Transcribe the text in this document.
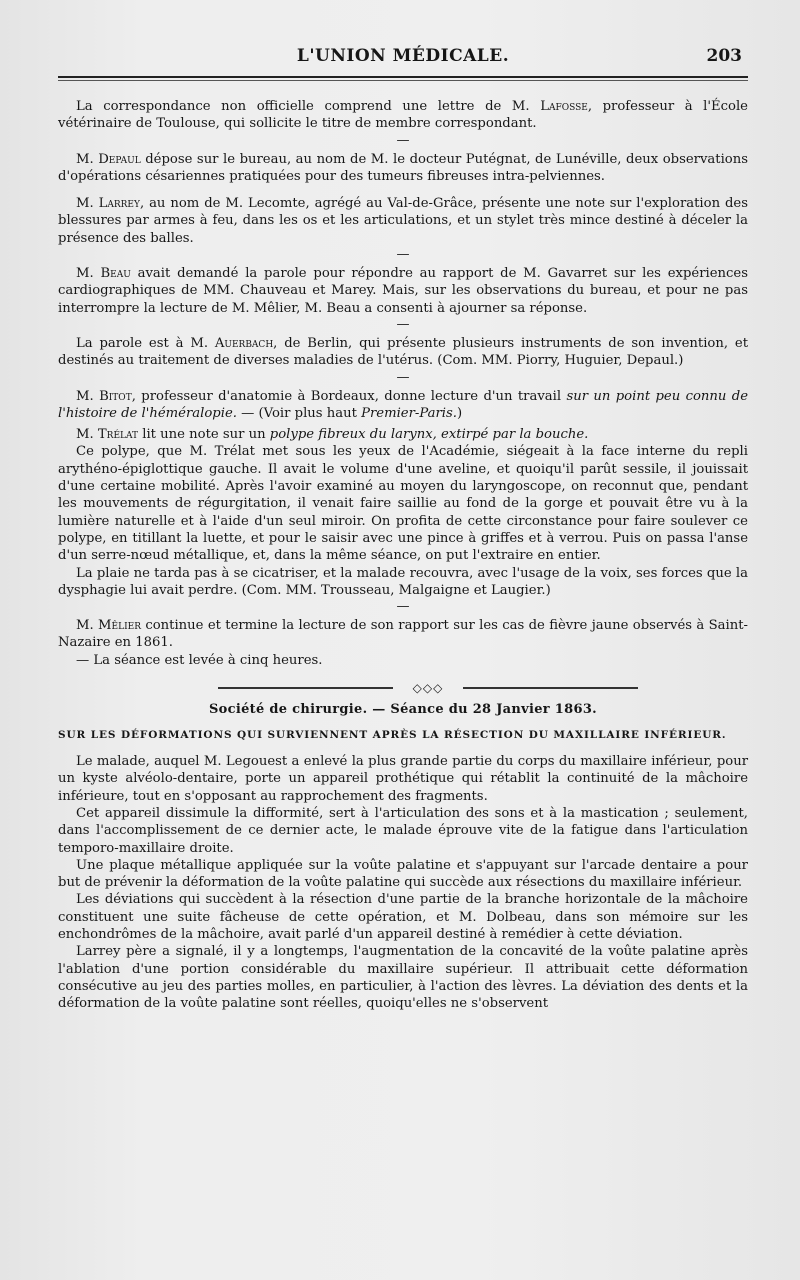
L'UNION MÉDICALE.	203

La correspondance non officielle comprend une lettre de M. Lafosse, professeur à l'École vétérinaire de Toulouse, qui sollicite le titre de membre correspondant.

—

M. Depaul dépose sur le bureau, au nom de M. le docteur Putégnat, de Lunéville, deux observations d'opérations césariennes pratiquées pour des tumeurs fibreuses intra-pelviennes.

M. Larrey, au nom de M. Lecomte, agrégé au Val-de-Grâce, présente une note sur l'exploration des blessures par armes à feu, dans les os et les articulations, et un stylet très mince destiné à déceler la présence des balles.

—

M. Beau avait demandé la parole pour répondre au rapport de M. Gavarret sur les expériences cardiographiques de MM. Chauveau et Marey. Mais, sur les observations du bureau, et pour ne pas interrompre la lecture de M. Mêlier, M. Beau a consenti à ajourner sa réponse.

—

La parole est à M. Auerbach, de Berlin, qui présente plusieurs instruments de son invention, et destinés au traitement de diverses maladies de l'utérus. (Com. MM. Piorry, Huguier, Depaul.)

—

M. Bitot, professeur d'anatomie à Bordeaux, donne lecture d'un travail sur un point peu connu de l'histoire de l'héméralopie. — (Voir plus haut Premier-Paris.)

M. Trélat lit une note sur un polype fibreux du larynx, extirpé par la bouche.

Ce polype, que M. Trélat met sous les yeux de l'Académie, siégeait à la face interne du repli arythéno-épiglottique gauche. Il avait le volume d'une aveline, et quoiqu'il parût sessile, il jouissait d'une certaine mobilité. Après l'avoir examiné au moyen du laryngoscope, on reconnut que, pendant les mouvements de régurgitation, il venait faire saillie au fond de la gorge et pouvait être vu à la lumière naturelle et à l'aide d'un seul miroir. On profita de cette circonstance pour faire soulever ce polype, en titillant la luette, et pour le saisir avec une pince à griffes et à verrou. Puis on passa l'anse d'un serre-nœud métallique, et, dans la même séance, on put l'extraire en entier.

La plaie ne tarda pas à se cicatriser, et la malade recouvra, avec l'usage de la voix, ses forces que la dysphagie lui avait perdre. (Com. MM. Trousseau, Malgaigne et Laugier.)

—

M. Mêlier continue et termine la lecture de son rapport sur les cas de fièvre jaune observés à Saint-Nazaire en 1861.

— La séance est levée à cinq heures.

◇◇◇
Société de chirurgie. — Séance du 28 Janvier 1863.
SUR LES DÉFORMATIONS QUI SURVIENNENT APRÈS LA RÉSECTION DU MAXILLAIRE INFÉRIEUR.

Le malade, auquel M. Legouest a enlevé la plus grande partie du corps du maxillaire inférieur, pour un kyste alvéolo-dentaire, porte un appareil prothétique qui rétablit la continuité de la mâchoire inférieure, tout en s'opposant au rapprochement des fragments.

Cet appareil dissimule la difformité, sert à l'articulation des sons et à la mastication ; seulement, dans l'accomplissement de ce dernier acte, le malade éprouve vite de la fatigue dans l'articulation temporo-maxillaire droite.

Une plaque métallique appliquée sur la voûte palatine et s'appuyant sur l'arcade dentaire a pour but de prévenir la déformation de la voûte palatine qui succède aux résections du maxillaire inférieur.

Les déviations qui succèdent à la résection d'une partie de la branche horizontale de la mâchoire constituent une suite fâcheuse de cette opération, et M. Dolbeau, dans son mémoire sur les enchondrômes de la mâchoire, avait parlé d'un appareil destiné à remédier à cette déviation.

Larrey père a signalé, il y a longtemps, l'augmentation de la concavité de la voûte palatine après l'ablation d'une portion considérable du maxillaire supérieur. Il attribuait cette déformation consécutive au jeu des parties molles, en particulier, à l'action des lèvres. La déviation des dents et la déformation de la voûte palatine sont réelles, quoiqu'elles ne s'observent
